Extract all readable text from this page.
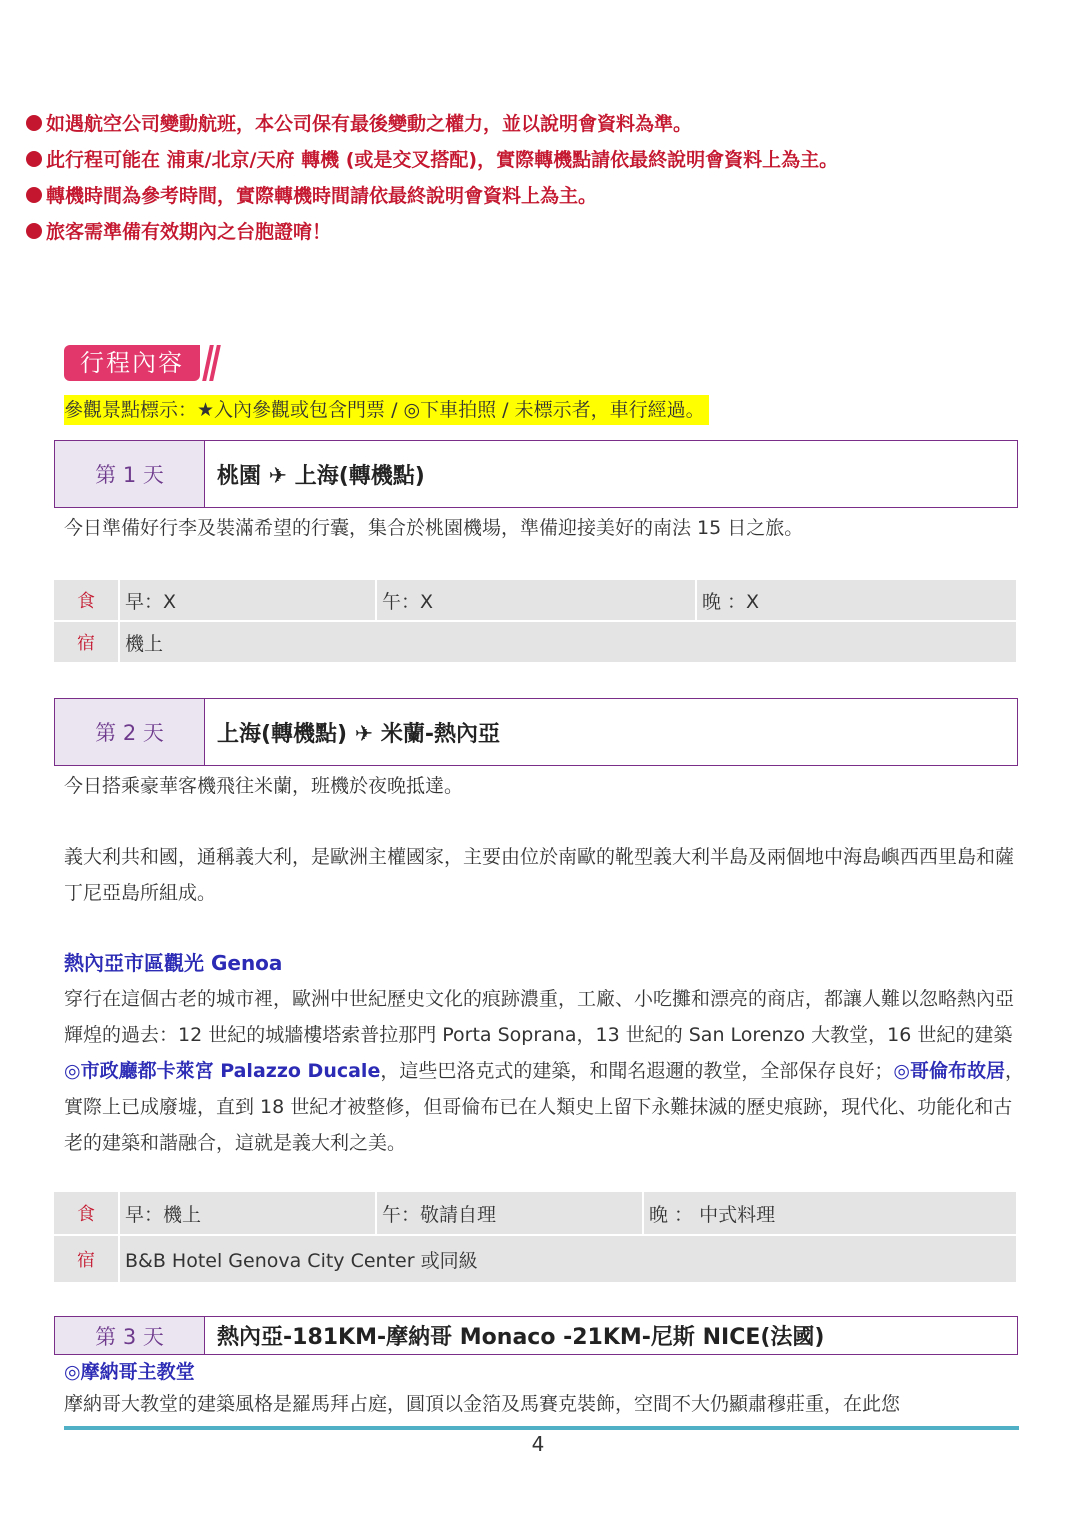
如遇航空公司變動航班，本公司保有最後變動之權力，並以說明會資料為準。
此行程可能在 浦東/北京/天府 轉機 (或是交叉搭配)，實際轉機點請依最終說明會資料上為主。
轉機時間為參考時間，實際轉機時間請依最終說明會資料上為主。
旅客需準備有效期內之台胞證唷！
行程內容
參觀景點標示：★入內參觀或包含門票 / ◎下車拍照 / 未標示者，車行經過。
第 1 天	桃園 ✈ 上海(轉機點)
今日準備好行李及裝滿希望的行囊，集合於桃園機場，準備迎接美好的南法 15 日之旅。
食	早：X	午：X	晚 ：X
宿	機上
第 2 天	上海(轉機點) ✈ 米蘭-熱內亞
今日搭乘豪華客機飛往米蘭，班機於夜晚抵達。
義大利共和國，通稱義大利，是歐洲主權國家，主要由位於南歐的靴型義大利半島及兩個地中海島嶼西西里島和薩丁尼亞島所組成。
熱內亞市區觀光 Genoa
穿行在這個古老的城市裡，歐洲中世紀歷史文化的痕跡濃重，工廠、小吃攤和漂亮的商店，都讓人難以忽略熱內亞輝煌的過去：12 世紀的城牆樓塔索普拉那門 Porta Soprana，13 世紀的 San Lorenzo 大教堂，16 世紀的建築◎市政廳都卡萊宮 Palazzo Ducale，這些巴洛克式的建築，和聞名遐邇的教堂，全部保存良好；◎哥倫布故居，實際上已成廢墟，直到 18 世紀才被整修，但哥倫布已在人類史上留下永難抹滅的歷史痕跡，現代化、功能化和古老的建築和諧融合，這就是義大利之美。
食	早：機上	午：敬請自理	晚 ： 中式料理
宿	B&B Hotel Genova City Center 或同級
第 3 天	熱內亞-181KM-摩納哥 Monaco -21KM-尼斯 NICE(法國)
◎摩納哥主教堂
摩納哥大教堂的建築風格是羅馬拜占庭，圓頂以金箔及馬賽克裝飾，空間不大仍顯肅穆莊重，在此您
4
